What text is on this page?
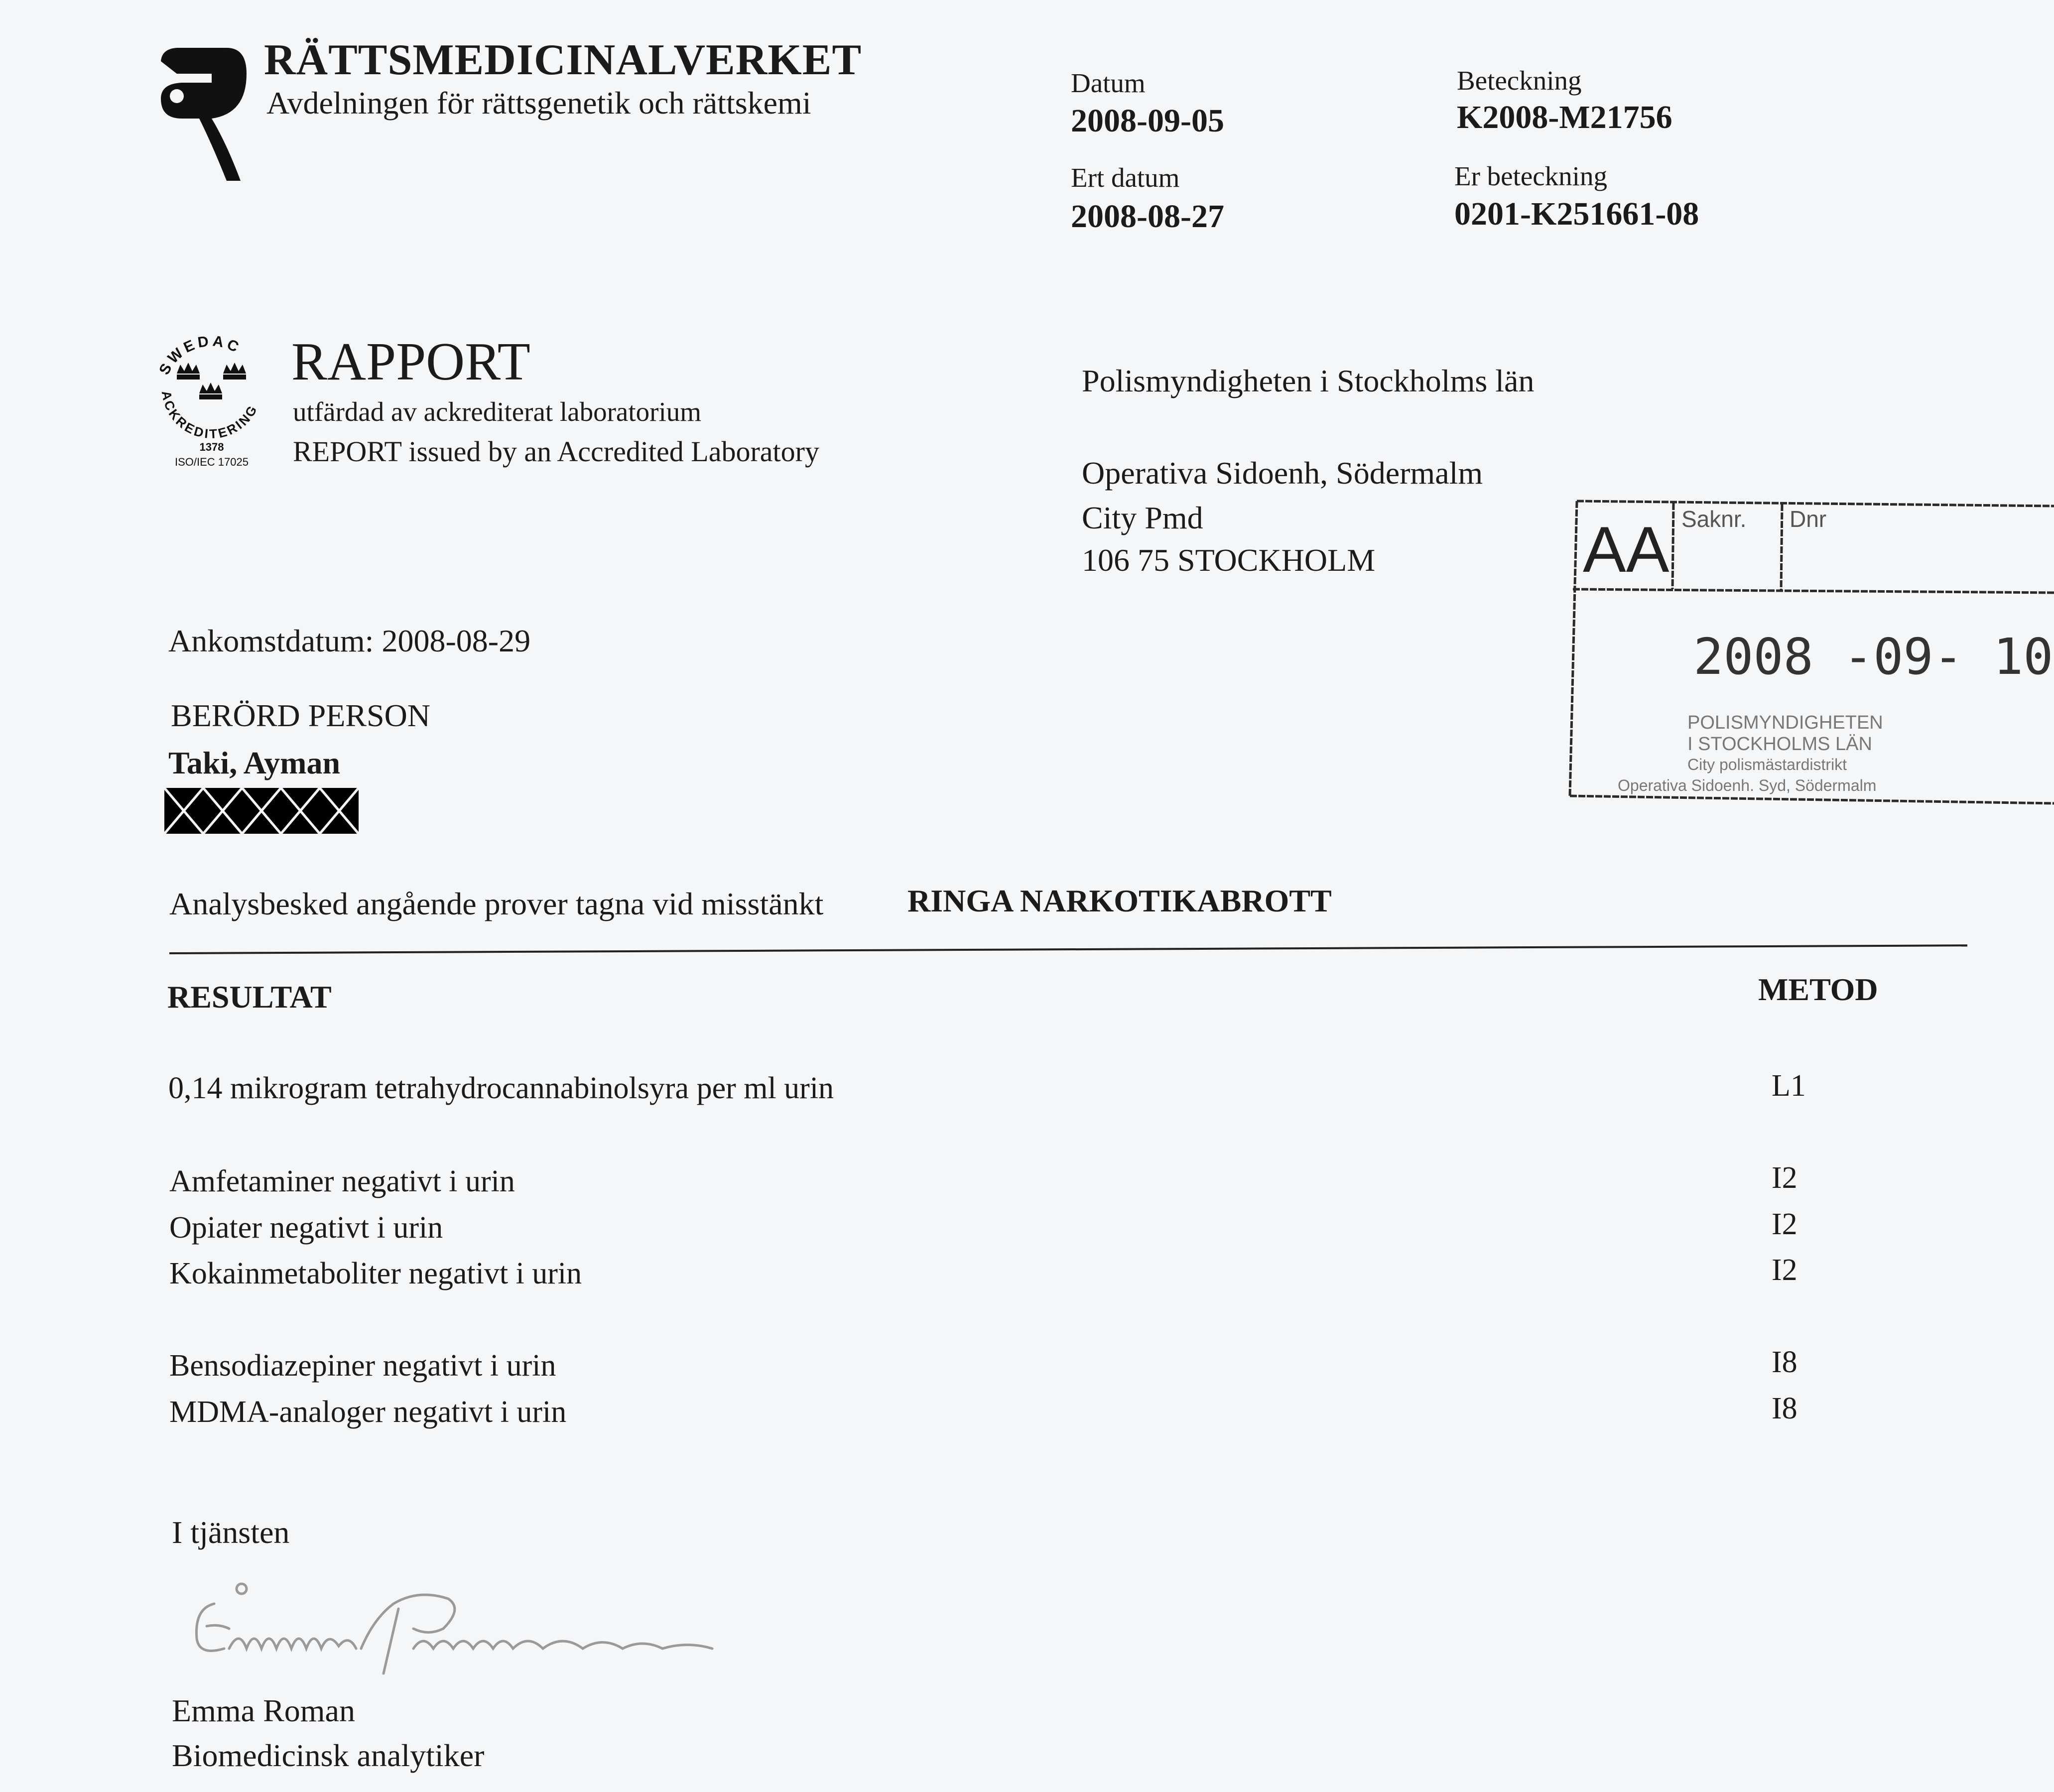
RÄTTSMEDICINALVERKET
Avdelningen för rättsgenetik och rättskemi
Datum
2008-09-05
Beteckning
K2008-M21756
Ert datum
2008-08-27
Er beteckning
0201-K251661-08
SWEDAC
ACKREDITERING
1378
ISO/IEC 17025
RAPPORT
utfärdad av ackrediterat laboratorium
REPORT issued by an Accredited Laboratory
Polismyndigheten i Stockholms län
Operativa Sidoenh, Södermalm
City Pmd
106 75 STOCKHOLM	AA Saknr. Dnr
2008 -09- 10
POLISMYNDIGHETEN
I STOCKHOLMS LÄN
City polismästardistrikt
Operativa Sidoenh. Syd, Södermalm
Ankomstdatum: 2008-08-29
BERÖRD PERSON
Taki, Ayman
Analysbesked angående prover tagna vid misstänkt	RINGA NARKOTIKABROTT
RESULTAT	METOD
0,14 mikrogram tetrahydrocannabinolsyra per ml urin	L1
Amfetaminer negativt i urin	I2
Opiater negativt i urin	I2
Kokainmetaboliter negativt i urin	I2
Bensodiazepiner negativt i urin	I8
MDMA-analoger negativt i urin	I8
I tjänsten
Emma Roman
Biomedicinsk analytiker
